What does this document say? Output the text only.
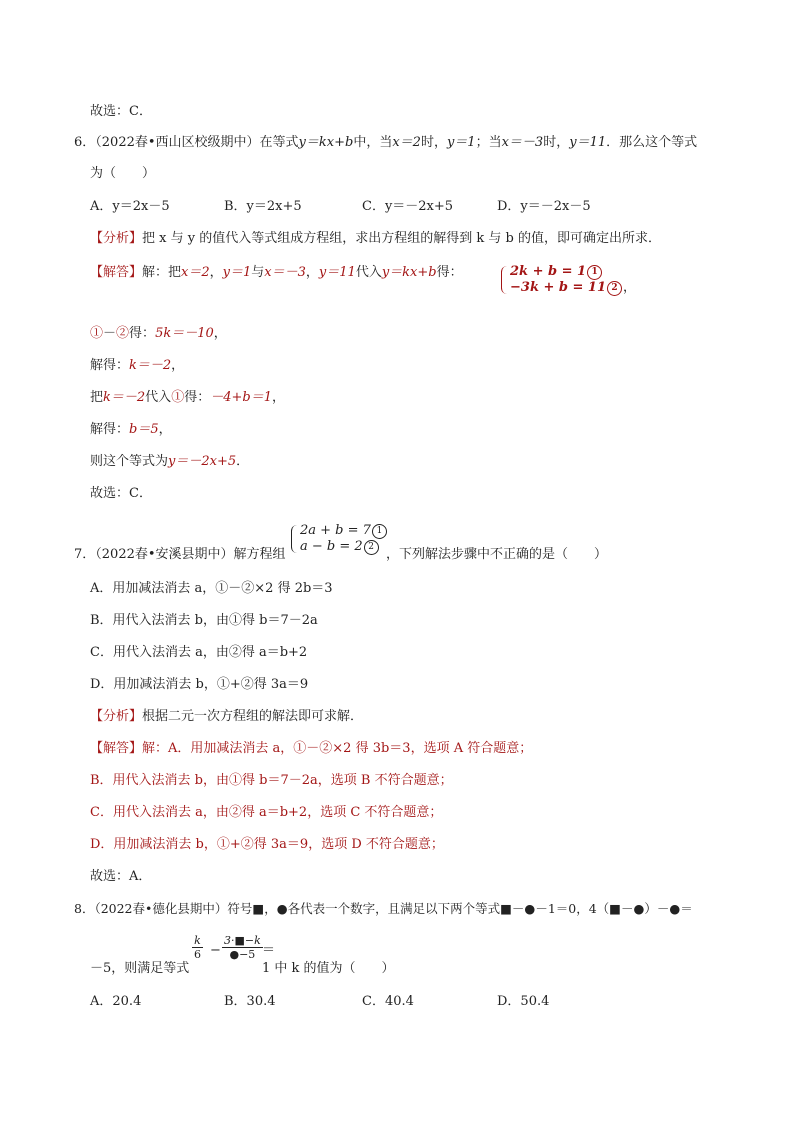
故选：C．
6．（2022春•西山区校级期中）在等式y＝kx+b中，当x＝2时，y＝1；当x＝－3时，y＝11．那么这个等式
为（　　）
A．y＝2x－5	B．y＝2x+5	C．y＝－2x+5	D．y＝－2x－5
【分析】把 x 与 y 的值代入等式组成方程组，求出方程组的解得到 k 与 b 的值，即可确定出所求．
【解答】解：把x＝2，y＝1与x＝－3，y＝11代入y＝kx+b得：	2k + b = 1 1
−3k + b = 11 2 ，
①－②得：5k＝－10，
解得：k＝－2，
把k＝－2代入①得：－4+b＝1，
解得：b＝5，
则这个等式为y＝－2x+5．
故选：C．
7．（2022春•安溪县期中）解方程组
2a + b = 7 1
a − b = 2 2 ，下列解法步骤中不正确的是（　　）
A．用加减法消去 a，①－②×2 得 2b＝3
B．用代入法消去 b，由①得 b＝7－2a
C．用代入法消去 a，由②得 a＝b+2
D．用加减法消去 b，①+②得 3a＝9
【分析】根据二元一次方程组的解法即可求解．
【解答】解：A．用加减法消去 a，①－②×2 得 3b＝3，选项 A 符合题意；
B．用代入法消去 b，由①得 b＝7－2a，选项 B 不符合题意；
C．用代入法消去 a，由②得 a＝b+2，选项 C 不符合题意；
D．用加减法消去 b，①+②得 3a＝9，选项 D 不符合题意；
故选：A．
8．（2022春•德化县期中）符号■，●各代表一个数字，且满足以下两个等式■－●－1＝0，4（■－●）－●＝
－5，则满足等式
$\frac{k}{6} - \frac{3\cdot■-k}{●-5}$ ＝
1 中 k 的值为（　　）
A．20.4	B．30.4	C．40.4	D．50.4
